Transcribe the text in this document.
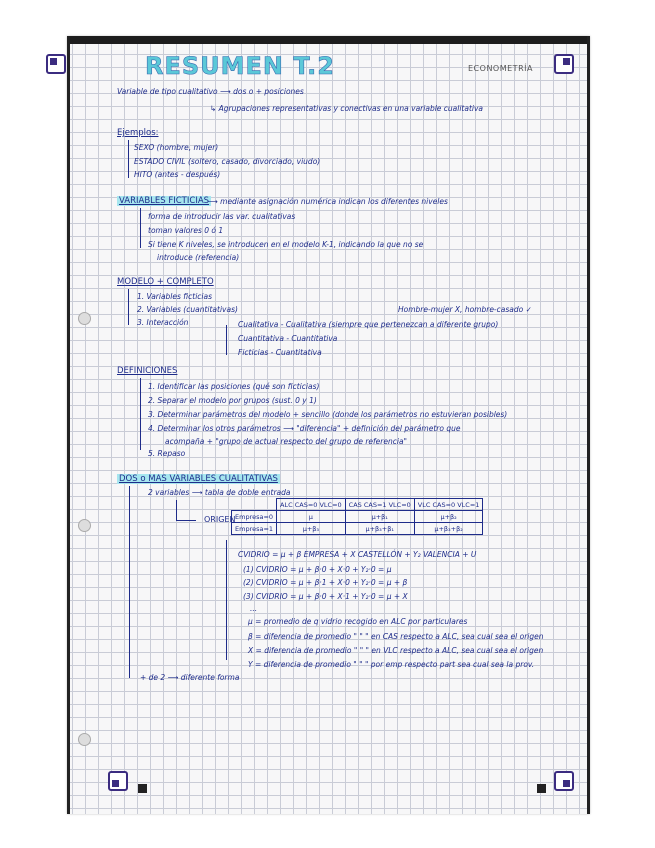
RESUMEN T.2	ECONOMETRÍA
Variable de tipo cualitativo ⟶ dos o + posiciones
↳ Agrupaciones representativas y conectivas en una variable cualitativa
Ejemplos:
SEXO (hombre, mujer)
ESTADO CIVIL (soltero, casado, divorciado, viudo)
HITO (antes - después)
VARIABLES FICTICIAS
⟶ mediante asignación numérica indican los diferentes niveles
forma de introducir las var. cualitativas
toman valores 0 ó 1
Si tiene K niveles, se introducen en el modelo K-1, indicando la que no se
introduce (referencia)
MODELO + COMPLETO
1. Variables ficticias
2. Variables (cuantitativas)
3. Interacción
Hombre-mujer X, hombre-casado ✓
Cualitativa - Cualitativa (siempre que pertenezcan a diferente grupo)
Cuantitativa - Cuantitativa
Ficticias - Cuantitativa
DEFINICIONES
1. Identificar las posiciones (qué son ficticias)
2. Separar el modelo por grupos (sust. 0 y 1)
3. Determinar parámetros del modelo + sencillo (donde los parámetros no estuvieran posibles)
4. Determinar los otros parámetros ⟶ "diferencia" + definición del parámetro que
acompaña + "grupo de actual respecto del grupo de referencia"
5. Repaso
DOS o MAS VARIABLES CUALITATIVAS
2 variables ⟶ tabla de doble entrada
ORIGEN
	ALC CAS=0 VLC=0	CAS CAS=1 VLC=0	VLC CAS=0 VLC=1
Empresa=0	μ	μ+β₁	μ+β₂
Empresa=1	μ+β₃	μ+β₃+β₁	μ+β₃+β₂
CVIDRIO = μ + β EMPRESA + X CASTELLÓN + Y₂ VALENCIA + U
(1) CVIDRIO = μ + β·0 + X·0 + Y₂·0 = μ
(2) CVIDRIO = μ + β·1 + X·0 + Y₂·0 = μ + β
(3) CVIDRIO = μ + β·0 + X·1 + Y₂·0 = μ + X
...
μ = promedio de q vidrio recogido en ALC por particulares
β = diferencia de promedio " " " en CAS respecto a ALC, sea cual sea el origen
X = diferencia de promedio " " " en VLC respecto a ALC, sea cual sea el origen
Y = diferencia de promedio " " " por emp respecto part sea cual sea la prov.
+ de 2 ⟶ diferente forma
